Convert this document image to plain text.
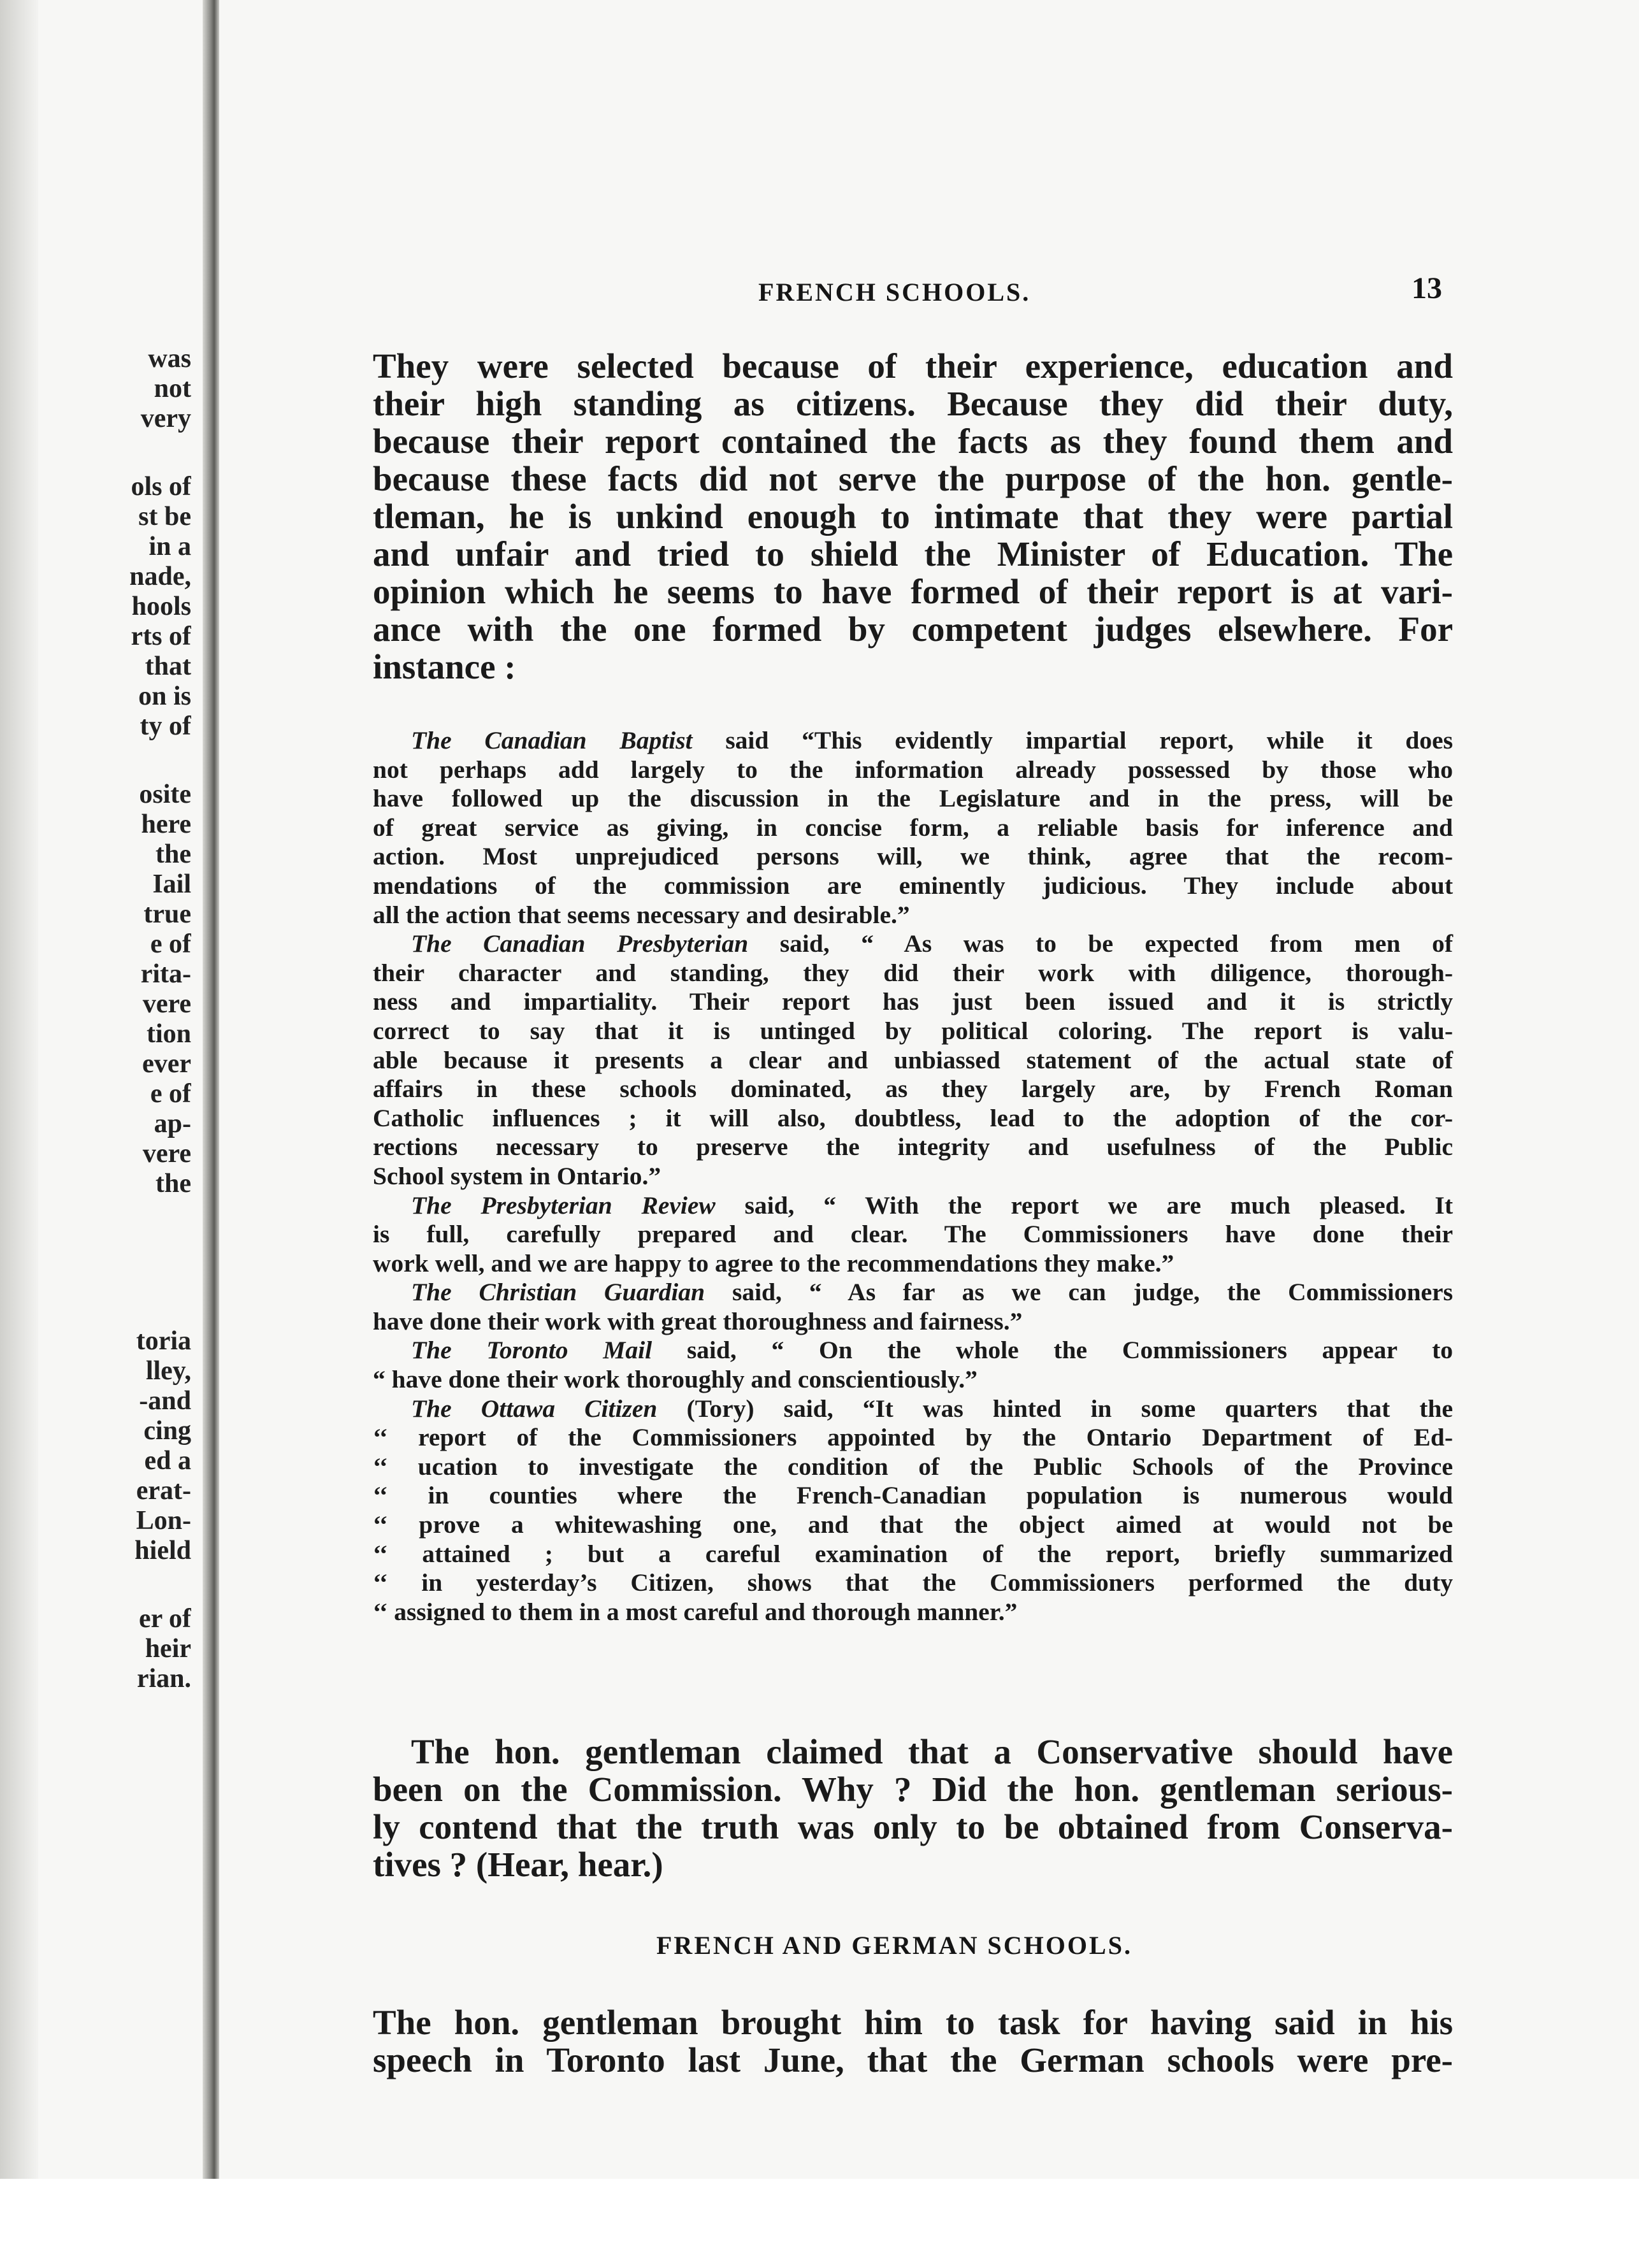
was
not
very
ols of
st be
in a
nade,
hools
rts of
that
on is
ty of
osite
here
the
Iail
true
e of
rita-
vere
tion
ever
e of
ap-
vere
the
toria
lley,
-and
cing
ed a
erat-
Lon-
hield
er of
heir
rian.
FRENCH SCHOOLS.	13
They were selected because of their experience, education and
their high standing as citizens. Because they did their duty,
because their report contained the facts as they found them and
because these facts did not serve the purpose of the hon. gentle-
tleman, he is unkind enough to intimate that they were partial
and unfair and tried to shield the Minister of Education. The
opinion which he seems to have formed of their report is at vari-
ance with the one formed by competent judges elsewhere. For
instance :
The Canadian Baptist said “This evidently impartial report, while it does
not perhaps add largely to the information already possessed by those who
have followed up the discussion in the Legislature and in the press, will be
of great service as giving, in concise form, a reliable basis for inference and
action. Most unprejudiced persons will, we think, agree that the recom-
mendations of the commission are eminently judicious. They include about
all the action that seems necessary and desirable.”
The Canadian Presbyterian said, “ As was to be expected from men of
their character and standing, they did their work with diligence, thorough-
ness and impartiality. Their report has just been issued and it is strictly
correct to say that it is untinged by political coloring. The report is valu-
able because it presents a clear and unbiassed statement of the actual state of
affairs in these schools dominated, as they largely are, by French Roman
Catholic influences ; it will also, doubtless, lead to the adoption of the cor-
rections necessary to preserve the integrity and usefulness of the Public
School system in Ontario.”
The Presbyterian Review said, “ With the report we are much pleased. It
is full, carefully prepared and clear. The Commissioners have done their
work well, and we are happy to agree to the recommendations they make.”
The Christian Guardian said, “ As far as we can judge, the Commissioners
have done their work with great thoroughness and fairness.”
The Toronto Mail said, “ On the whole the Commissioners appear to
“ have done their work thoroughly and conscientiously.”
The Ottawa Citizen (Tory) said, “It was hinted in some quarters that the
‘‘ report of the Commissioners appointed by the Ontario Department of Ed-
‘‘ ucation to investigate the condition of the Public Schools of the Province
‘‘ in counties where the French-Canadian population is numerous would
‘‘ prove a whitewashing one, and that the object aimed at would not be
‘‘ attained ; but a careful examination of the report, briefly summarized
‘‘ in yesterday’s Citizen, shows that the Commissioners performed the duty
‘‘ assigned to them in a most careful and thorough manner.”
The hon. gentleman claimed that a Conservative should have
been on the Commission. Why ? Did the hon. gentleman serious-
ly contend that the truth was only to be obtained from Conserva-
tives ? (Hear, hear.)
FRENCH AND GERMAN SCHOOLS.
The hon. gentleman brought him to task for having said in his
speech in Toronto last June, that the German schools were pre-
